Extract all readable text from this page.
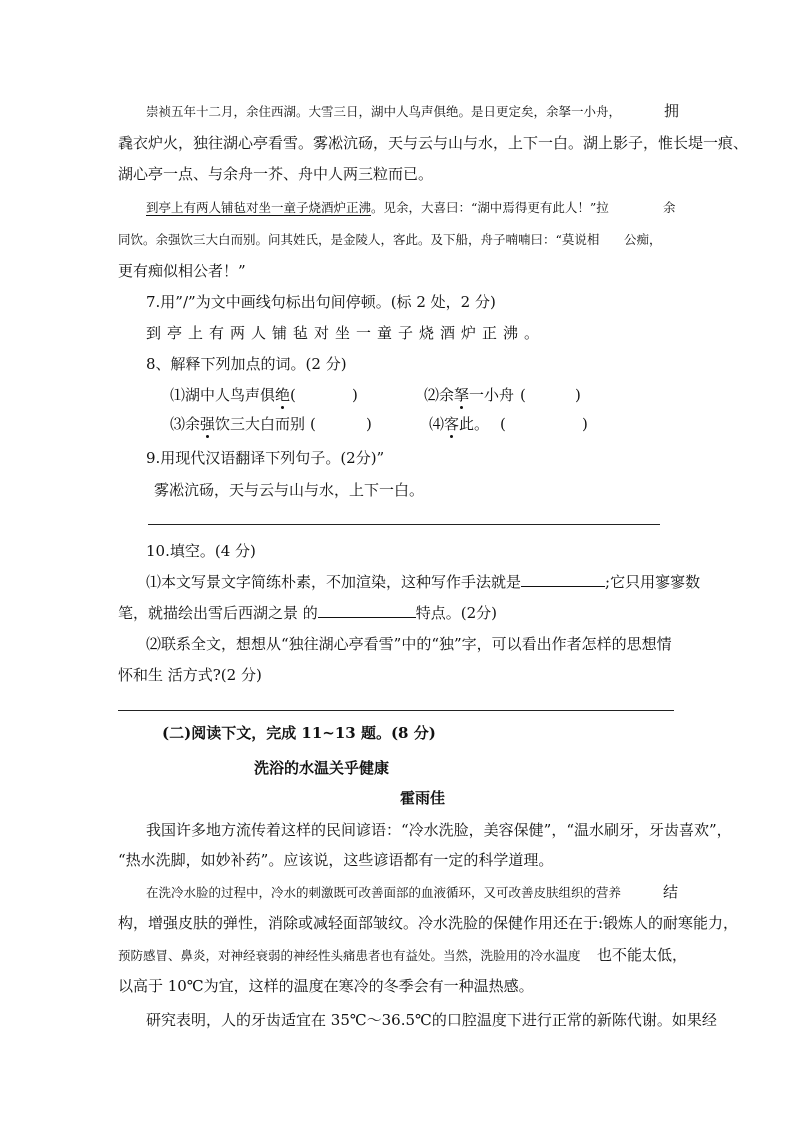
崇祯五年十二月，余住西湖。大雪三日，湖中人鸟声俱绝。是日更定矣，余拏一小舟，	拥
毳衣炉火，独往湖心亭看雪。雾凇沆砀，天与云与山与水，上下一白。湖上影子，惟长堤一痕、
湖心亭一点、与余舟一芥、舟中人两三粒而已。
到亭上有两人铺毡对坐一童子烧酒炉正沸。见余，大喜曰：“湖中焉得更有此人！”拉	余
同饮。余强饮三大白而别。问其姓氏，是金陵人，客此。及下船，舟子喃喃曰：“莫说相 公痴，
更有痴似相公者！”
7.用”/”为文中画线句标出句间停顿。(标 2 处，2 分)
到亭上有两人铺毡对坐一童子烧酒炉正沸。
8、解释下列加点的词。(2 分)
⑴湖中人鸟声俱绝 (	)	⑵余拏一小舟 (	)
⑶余强饮三大白而别 (	)	⑷客此。 (	)
9.用现代汉语翻译下列句子。(2分)”
雾凇沆砀，天与云与山与水，上下一白。
10.填空。(4 分)
⑴本文写景文字简练朴素，不加渲染，这种写作手法就是	;它只用寥寥数
笔，就描绘出雪后西湖之景 的	特点。(2分)
⑵联系全文，想想从“独往湖心亭看雪”中的“独”字，可以看出作者怎样的思想情
怀和生 活方式?(2 分)
(二)阅读下文，完成 11~13 题。(8 分)
洗浴的水温关乎健康
霍雨佳
我国许多地方流传着这样的民间谚语：“冷水洗脸，美容保健”，“温水刷牙，牙齿喜欢”，
“热水洗脚，如妙补药”。应该说，这些谚语都有一定的科学道理。
在洗冷水脸的过程中，冷水的刺激既可改善面部的血液循环，又可改善皮肤组织的营养	结
构，增强皮肤的弹性，消除或减轻面部皱纹。冷水洗脸的保健作用还在于:锻炼人的耐寒能力，
预防感冒、鼻炎，对神经衰弱的神经性头痛患者也有益处。当然，洗脸用的冷水温度 也不能太低，
以高于 10℃为宜，这样的温度在寒冷的冬季会有一种温热感。
研究表明，人的牙齿适宜在 35℃～36.5℃的口腔温度下进行正常的新陈代谢。如果经
